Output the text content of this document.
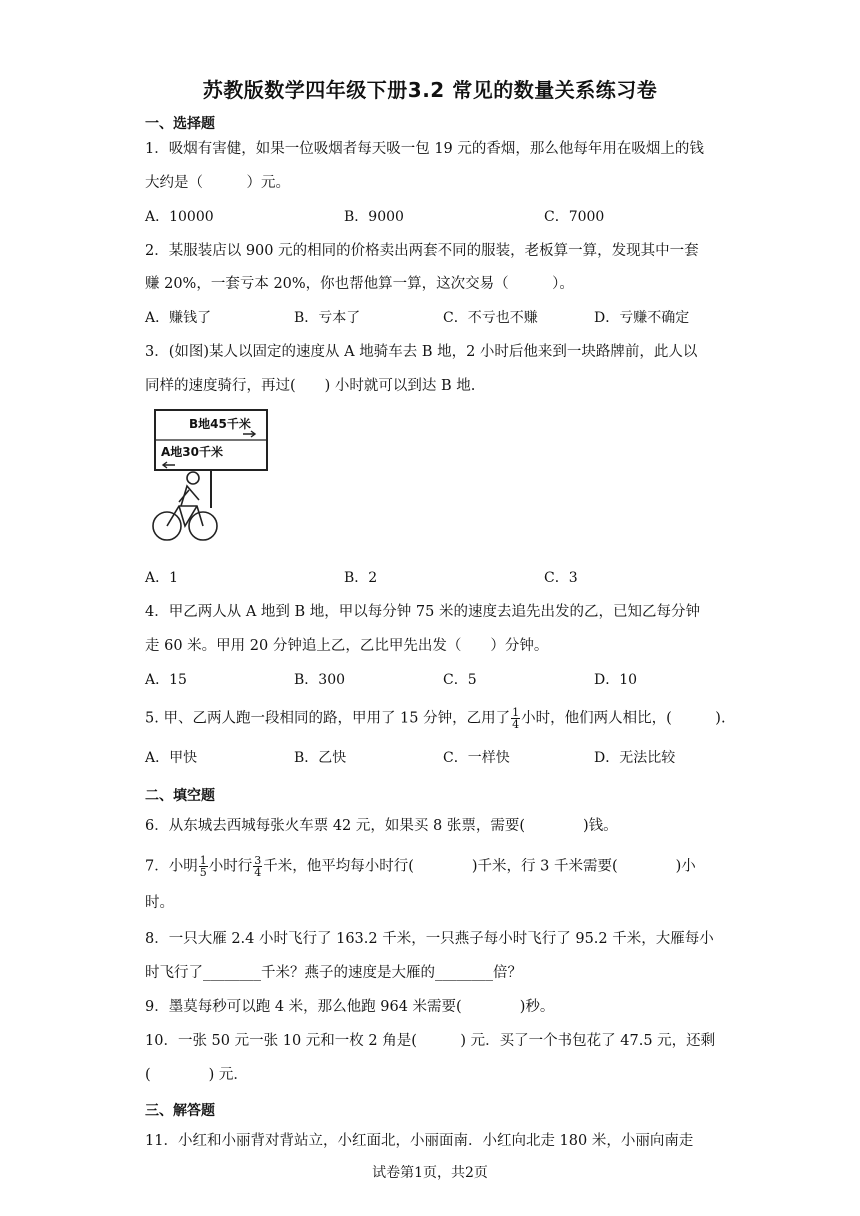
苏教版数学四年级下册3.2 常见的数量关系练习卷
一、选择题
1．吸烟有害健，如果一位吸烟者每天吸一包 19 元的香烟，那么他每年用在吸烟上的钱
大约是（　　　）元。
A．10000	B．9000	C．7000
2．某服装店以 900 元的相同的价格卖出两套不同的服装，老板算一算，发现其中一套
赚 20%，一套亏本 20%，你也帮他算一算，这次交易（　　　）。
A．赚钱了	B．亏本了	C．不亏也不赚	D．亏赚不确定
3．(如图)某人以固定的速度从 A 地骑车去 B 地，2 小时后他来到一块路牌前，此人以
同样的速度骑行，再过(　　) 小时就可以到达 B 地.
B地45千米
A地30千米
A．1	B．2	C．3
4．甲乙两人从 A 地到 B 地，甲以每分钟 75 米的速度去追先出发的乙，已知乙每分钟
走 60 米。甲用 20 分钟追上乙，乙比甲先出发（　　）分钟。
A．15	B．300	C．5	D．10
5. 甲、乙两人跑一段相同的路，甲用了 15 分钟，乙用了 $\frac{1}{4}$ 小时，他们两人相比，(　　　).
A．甲快	B．乙快	C．一样快	D．无法比较
二、填空题
6．从东城去西城每张火车票 42 元，如果买 8 张票，需要(　　　　)钱。
7．小明 $\frac{1}{5}$ 小时行 $\frac{3}{4}$ 千米，他平均每小时行(　　　　)千米，行 3 千米需要(　　　　)小
时。
8．一只大雁 2.4 小时飞行了 163.2 千米，一只燕子每小时飞行了 95.2 千米，大雁每小
时飞行了________千米？燕子的速度是大雁的________倍？
9．墨莫每秒可以跑 4 米，那么他跑 964 米需要(　　　　)秒。
10．一张 50 元一张 10 元和一枚 2 角是(　　　) 元．买了一个书包花了 47.5 元，还剩
(　　　　) 元．
三、解答题
11．小红和小丽背对背站立，小红面北，小丽面南．小红向北走 180 米，小丽向南走
试卷第1页，共2页
